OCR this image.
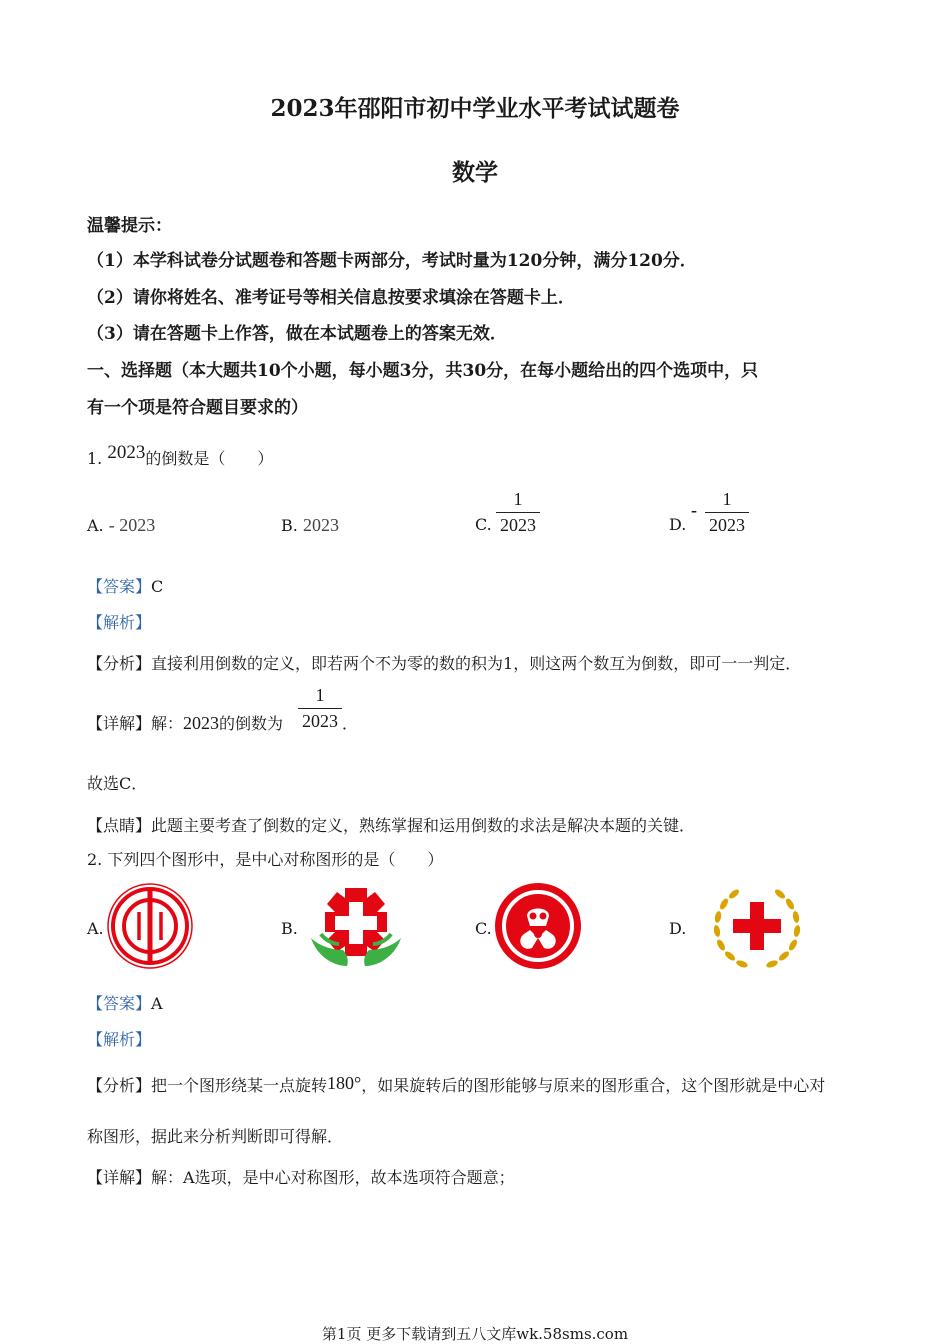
2023年邵阳市初中学业水平考试试题卷
数学
温馨提示：
（1）本学科试卷分试题卷和答题卡两部分，考试时量为120分钟，满分120分．
（2）请你将姓名、准考证号等相关信息按要求填涂在答题卡上．
（3）请在答题卡上作答，做在本试题卷上的答案无效．
一、选择题（本大题共10个小题，每小题3分，共30分，在每小题给出的四个选项中，只
有一个项是符合题目要求的）
1. 2023的倒数是（　　）
A. - 2023	B. 2023	C.
1
2023	D.
-
1
2023
【答案】C
【解析】
【分析】直接利用倒数的定义，即若两个不为零的数的积为1，则这两个数互为倒数，即可一一判定．
【详解】解：2023的倒数为
1
2023 ．
故选C．
【点睛】此题主要考查了倒数的定义，熟练掌握和运用倒数的求法是解决本题的关键．
2. 下列四个图形中，是中心对称图形的是（　　）
A.	B.	C.	D.
【答案】A
【解析】
【分析】把一个图形绕某一点旋转180°，如果旋转后的图形能够与原来的图形重合，这个图形就是中心对
称图形，据此来分析判断即可得解．
【详解】解：A选项，是中心对称图形，故本选项符合题意；
第1页 更多下载请到五八文库wk.58sms.com
